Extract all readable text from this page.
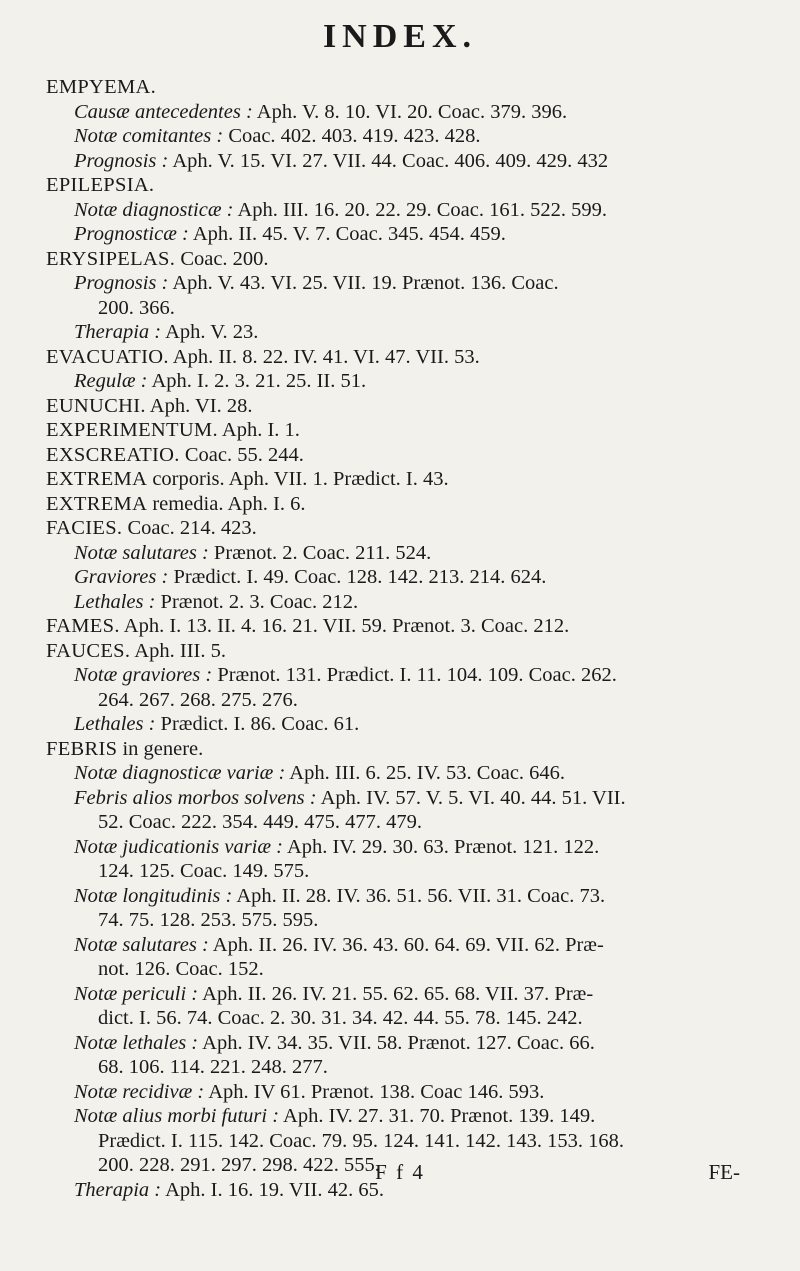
INDEX.
EMPYEMA.
Causæ antecedentes : Aph. V. 8. 10. VI. 20. Coac. 379. 396.
Notæ comitantes : Coac. 402. 403. 419. 423. 428.
Prognosis : Aph. V. 15. VI. 27. VII. 44. Coac. 406. 409. 429. 432
EPILEPSIA.
Notæ diagnosticæ : Aph. III. 16. 20. 22. 29. Coac. 161. 522. 599.
Prognosticæ : Aph. II. 45. V. 7. Coac. 345. 454. 459.
ERYSIPELAS. Coac. 200.
Prognosis : Aph. V. 43. VI. 25. VII. 19. Prænot. 136. Coac.
200. 366.
Therapia : Aph. V. 23.
EVACUATIO. Aph. II. 8. 22. IV. 41. VI. 47. VII. 53.
Regulæ : Aph. I. 2. 3. 21. 25. II. 51.
EUNUCHI. Aph. VI. 28.
EXPERIMENTUM. Aph. I. 1.
EXSCREATIO. Coac. 55. 244.
EXTREMA corporis. Aph. VII. 1. Prædict. I. 43.
EXTREMA remedia. Aph. I. 6.
FACIES. Coac. 214. 423.
Notæ salutares : Prænot. 2. Coac. 211. 524.
Graviores : Prædict. I. 49. Coac. 128. 142. 213. 214. 624.
Lethales : Prænot. 2. 3. Coac. 212.
FAMES. Aph. I. 13. II. 4. 16. 21. VII. 59. Prænot. 3. Coac. 212.
FAUCES. Aph. III. 5.
Notæ graviores : Prænot. 131. Prædict. I. 11. 104. 109. Coac. 262.
264. 267. 268. 275. 276.
Lethales : Prædict. I. 86. Coac. 61.
FEBRIS in genere.
Notæ diagnosticæ variæ : Aph. III. 6. 25. IV. 53. Coac. 646.
Febris alios morbos solvens : Aph. IV. 57. V. 5. VI. 40. 44. 51. VII.
52. Coac. 222. 354. 449. 475. 477. 479.
Notæ judicationis variæ : Aph. IV. 29. 30. 63. Prænot. 121. 122.
124. 125. Coac. 149. 575.
Notæ longitudinis : Aph. II. 28. IV. 36. 51. 56. VII. 31. Coac. 73.
74. 75. 128. 253. 575. 595.
Notæ salutares : Aph. II. 26. IV. 36. 43. 60. 64. 69. VII. 62. Præ-
not. 126. Coac. 152.
Notæ periculi : Aph. II. 26. IV. 21. 55. 62. 65. 68. VII. 37. Præ-
dict. I. 56. 74. Coac. 2. 30. 31. 34. 42. 44. 55. 78. 145. 242.
Notæ lethales : Aph. IV. 34. 35. VII. 58. Prænot. 127. Coac. 66.
68. 106. 114. 221. 248. 277.
Notæ recidivæ : Aph. IV 61. Prænot. 138. Coac 146. 593.
Notæ alius morbi futuri : Aph. IV. 27. 31. 70. Prænot. 139. 149.
Prædict. I. 115. 142. Coac. 79. 95. 124. 141. 142. 143. 153. 168.
200. 228. 291. 297. 298. 422. 555.
Therapia : Aph. I. 16. 19. VII. 42. 65.
F f 4	FE-
